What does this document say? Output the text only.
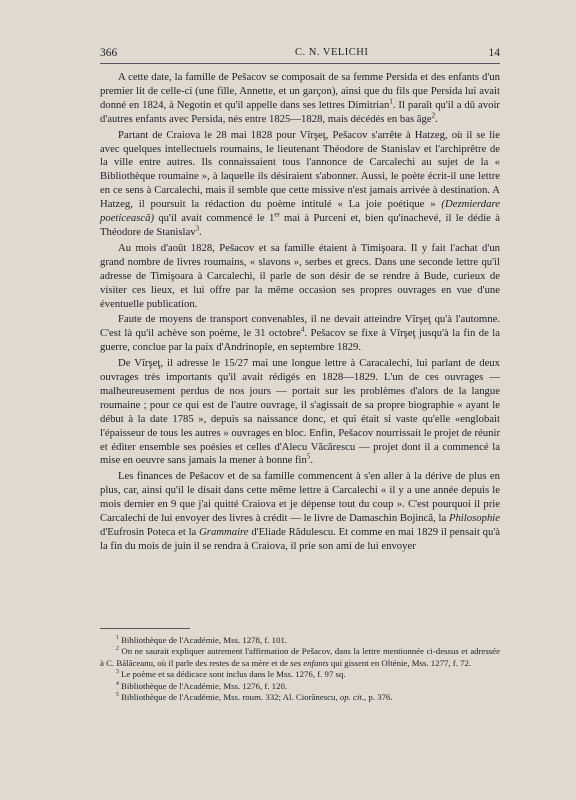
366	C. N. VELICHI	14

A cette date, la famille de Pešacov se composait de sa femme Persida et des enfants d'un premier lit de celle-ci (une fille, Annette, et un garçon), ainsi que du fils que Persida lui avait donné en 1824, à Negotin et qu'il appelle dans ses lettres Dimitrian$^1$. Il paraît qu'il a dû avoir d'autres enfants avec Persida, nés entre 1825—1828, mais décédés en bas âge$^2$.

Partant de Craiova le 28 mai 1828 pour Vîrşeţ, Pešacov s'arrête à Hatzeg, où il se lie avec quelques intellectuels roumains, le lieutenant Théodore de Stanislav et l'archiprêtre de la ville entre autres. Ils connaissaient tous l'annonce de Carcalechi au sujet de la « Bibliothèque roumaine », à laquelle ils désiraient s'abonner. Aussi, le poète écrit-il une lettre en ce sens à Carcalechi, mais il semble que cette missive n'est jamais arrivée à destination. A Hatzeg, il poursuit la rédaction du poème intitulé « La joie poétique » (Dezmierdare poeticească) qu'il avait commencé le 1er mai à Purceni et, bien qu'inachevé, il le dédie à Théodore de Stanislav$^3$.

Au mois d'août 1828, Pešacov et sa famille étaient à Timişoara. Il y fait l'achat d'un grand nombre de livres roumains, « slavons », serbes et grecs. Dans une seconde lettre qu'il adresse de Timişoara à Carcalechi, il parle de son désir de se rendre à Bude, curieux de visiter ces lieux, et lui offre par la même occasion ses propres ouvrages en vue d'une éventuelle publication.

Faute de moyens de transport convenables, il ne devait atteindre Vîrşeţ qu'à l'automne. C'est là qu'il achève son poème, le 31 octobre$^4$. Pešacov se fixe à Vîrşeţ jusqu'à la fin de la guerre, conclue par la paix d'Andrinople, en septembre 1829.

De Vîrşeţ, il adresse le 15/27 mai une longue lettre à Caracalechi, lui parlant de deux ouvrages très importants qu'il avait rédigés en 1828—1829. L'un de ces ouvrages — malheureusement perdus de nos jours — portait sur les problèmes d'alors de la langue roumaine ; pour ce qui est de l'autre ouvrage, il s'agissait de sa propre biographie « ayant le début à la date 1785 », depuis sa naissance donc, et qui était si vaste qu'elle «englobait l'épaisseur de tous les autres » ouvrages en bloc. Enfin, Pešacov nourrissait le projet de réunir et éditer ensemble ses poésies et celles d'Alecu Văcărescu — projet dont il a commencé la mise en oeuvre sans jamais la mener à bonne fin$^5$.

Les finances de Pešacov et de sa famille commencent à s'en aller à la dérive de plus en plus, car, ainsi qu'il le disait dans cette même lettre à Carcalechi « il y a une année depuis le mois dernier en 9 que j'ai quitté Craiova et je dépense tout du coup ». C'est pourquoi il prie Carcalechi de lui envoyer des livres à crédit — le livre de Damaschin Bojincă, la Philosophie d'Eufrosin Poteca et la Grammaire d'Eliade Rădulescu. Et comme en mai 1829 il pensait qu'à la fin du mois de juin il se rendra à Craiova, il prie son ami de lui envoyer

$^1$ Bibliothèque de l'Académie, Mss. 1278, f. 101.

$^2$ On ne saurait expliquer autrement l'affirmation de Pešacov, dans la lettre mentionnée ci-dessus et adressée à C. Bălăceanu, où il parle des restes de sa mère et de ses enfants qui gissent en Olténie, Mss. 1277, f. 72.

$^3$ Le poème et sa dédicace sont inclus dans le Mss. 1276, f. 97 sq.

$^4$ Bibliothèque de l'Académie, Mss. 1276, f. 120.

$^5$ Bibliothèque de l'Académie, Mss. roum. 332; Al. Ciorănescu, op. cit., p. 376.
